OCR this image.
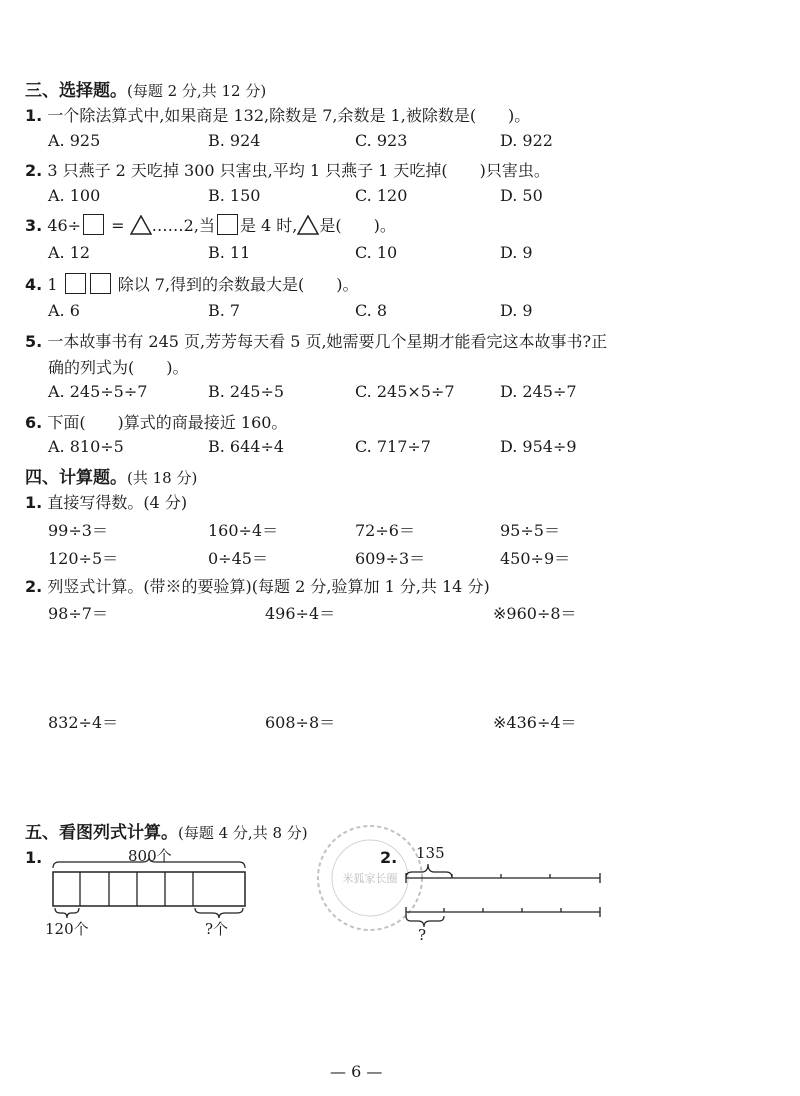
三、选择题。(每题 2 分,共 12 分)
1. 一个除法算式中,如果商是 132,除数是 7,余数是 1,被除数是(　　)。
A. 925	B. 924	C. 923	D. 922
2. 3 只燕子 2 天吃掉 300 只害虫,平均 1 只燕子 1 天吃掉(　　)只害虫。
A. 100	B. 150	C. 120	D. 50
3. 46÷ = ……2,当 是 4 时, 是(　　)。
A. 12	B. 11	C. 10	D. 9
4. 1	除以 7,得到的余数最大是(　　)。
A. 6	B. 7	C. 8	D. 9
5. 一本故事书有 245 页,芳芳每天看 5 页,她需要几个星期才能看完这本故事书?正
确的列式为(　　)。
A. 245÷5÷7	B. 245÷5	C. 245×5÷7	D. 245÷7
6. 下面(　　)算式的商最接近 160。
A. 810÷5	B. 644÷4	C. 717÷7	D. 954÷9
四、计算题。(共 18 分)
1. 直接写得数。(4 分)
99÷3＝	160÷4＝	72÷6＝	95÷5＝
120÷5＝	0÷45＝	609÷3＝	450÷9＝
2. 列竖式计算。(带※的要验算)(每题 2 分,验算加 1 分,共 14 分)
98÷7＝	496÷4＝	※960÷8＝
832÷4＝	608÷8＝	※436÷4＝
五、看图列式计算。(每题 4 分,共 8 分)
1.	800个
120个	?个
米狐家长圈
2. 135
?
— 6 —
